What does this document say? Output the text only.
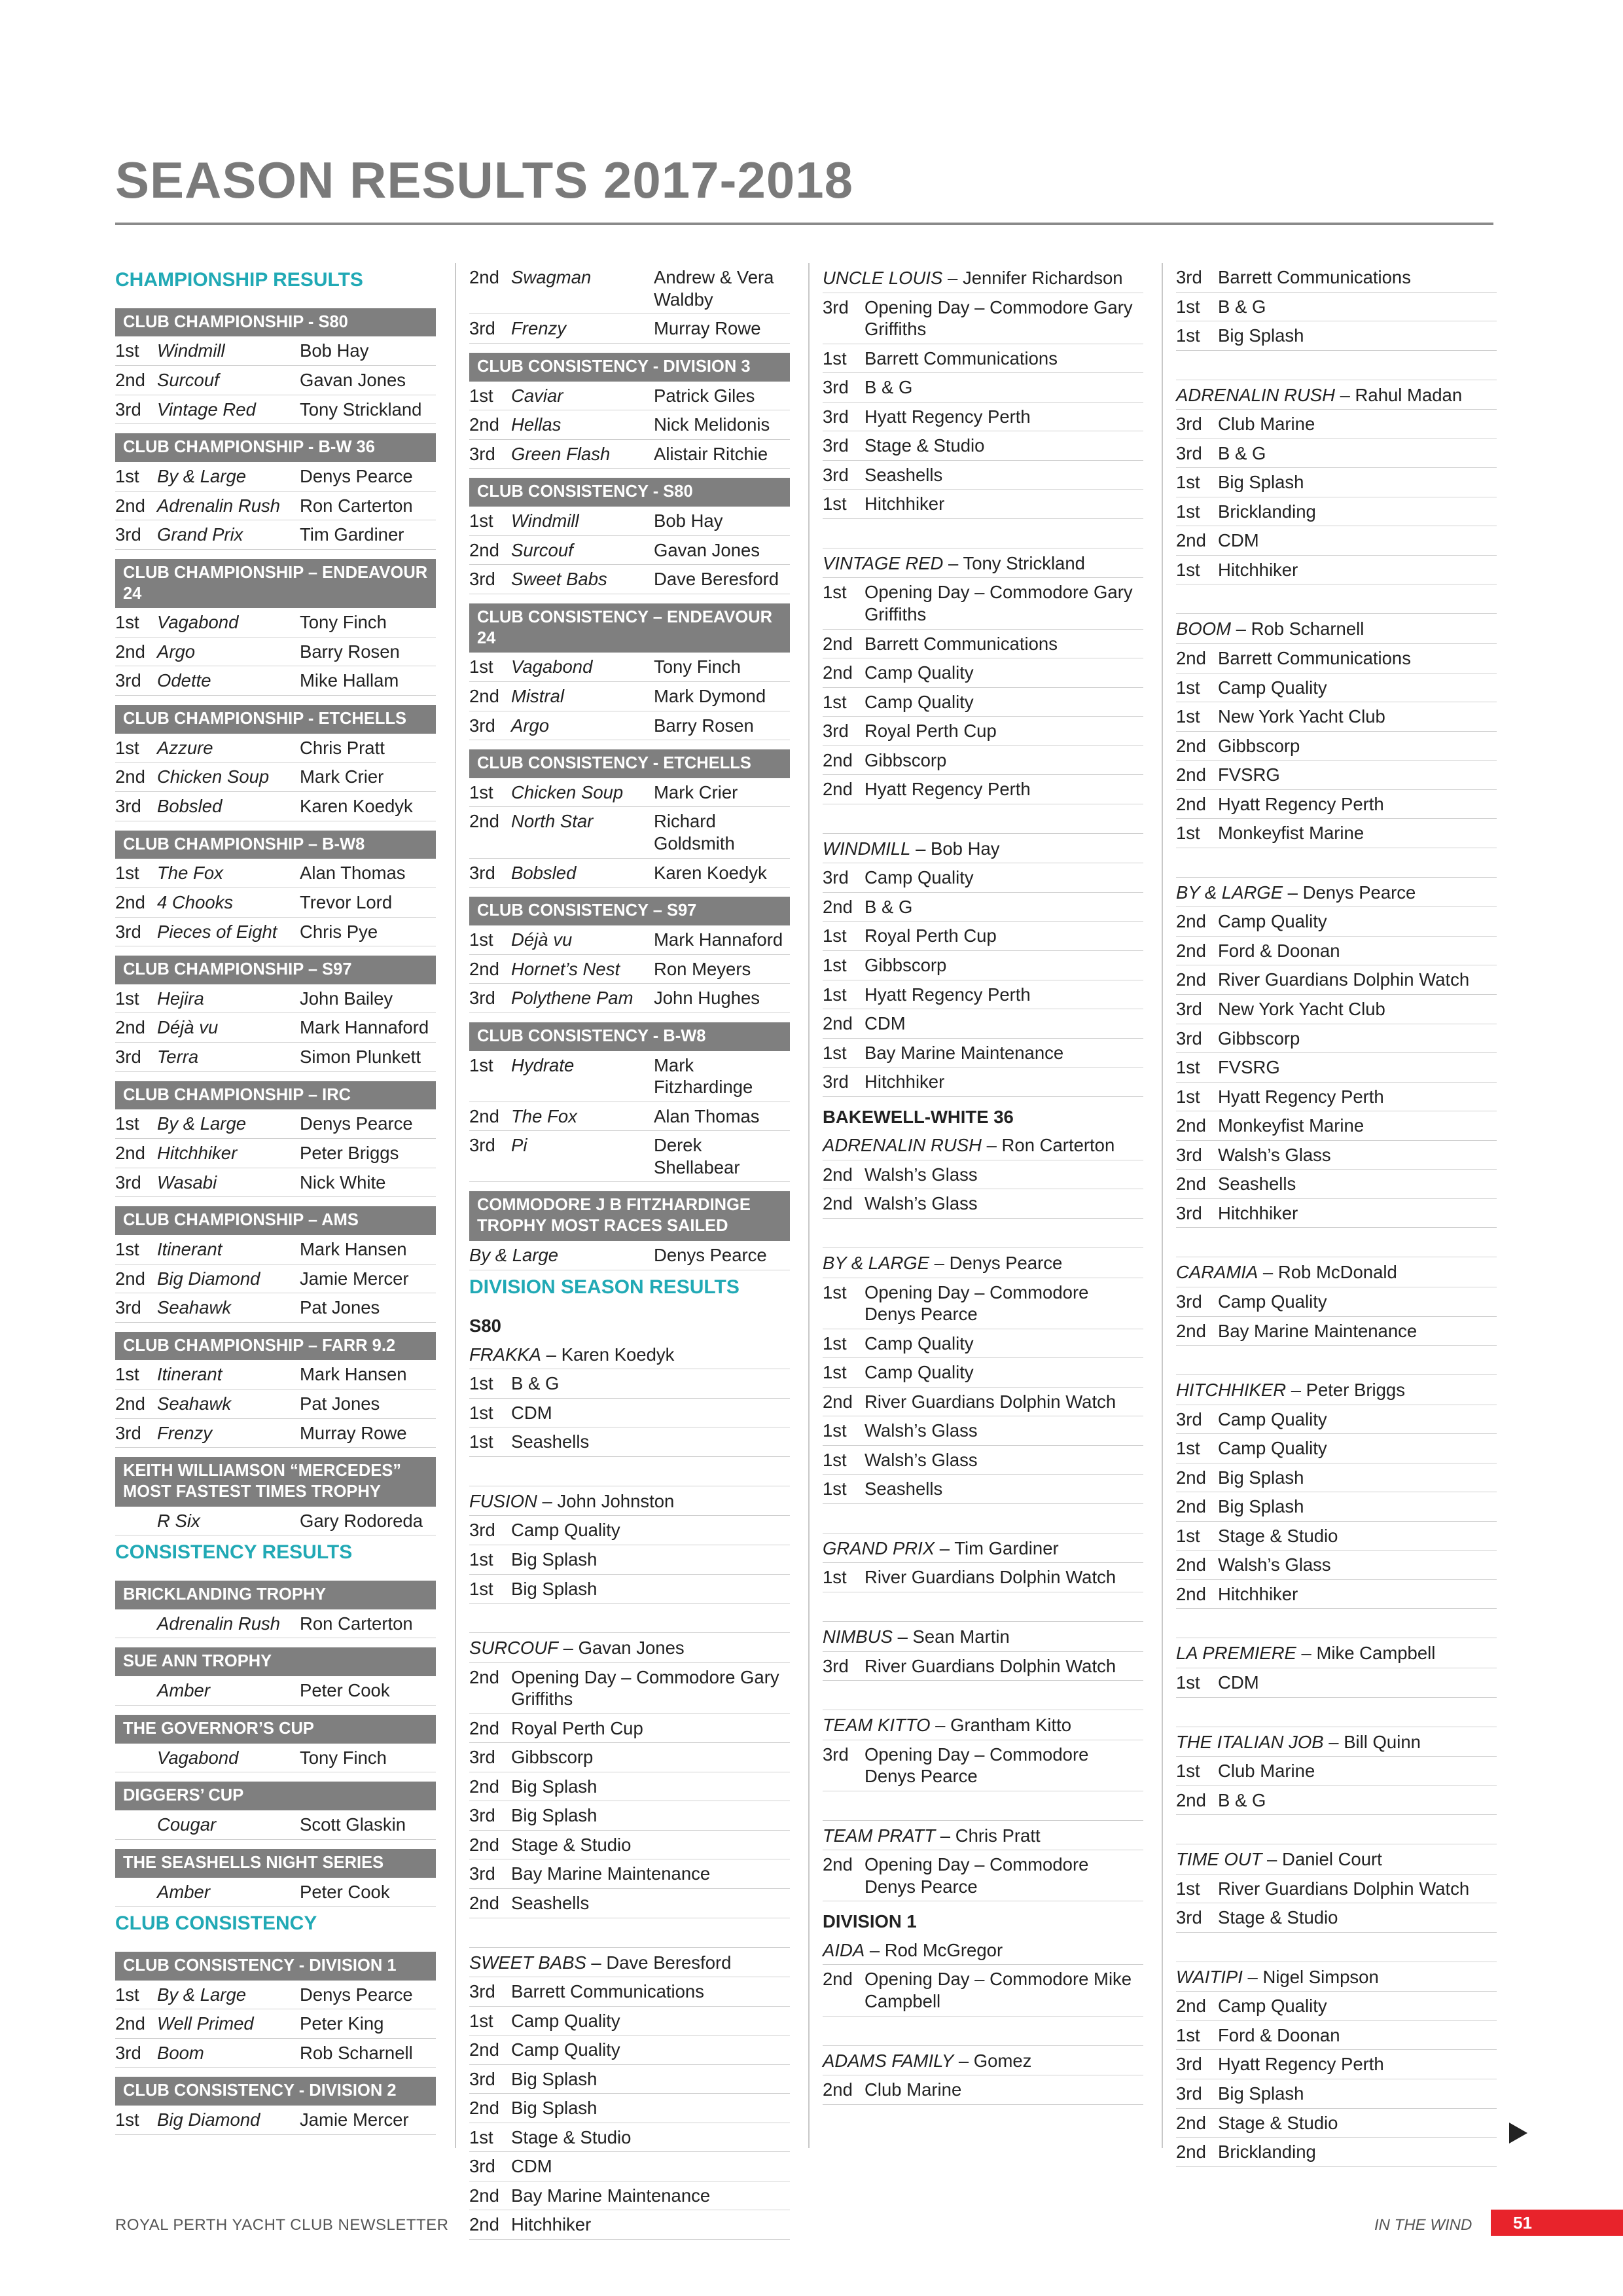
SEASON RESULTS 2017-2018
CHAMPIONSHIP RESULTS
CLUB CHAMPIONSHIP - S80
1st Windmill	Bob Hay
2nd Surcouf	Gavan Jones
3rd Vintage Red	Tony Strickland
CLUB CHAMPIONSHIP - B-W 36
1st By & Large	Denys Pearce
2nd Adrenalin Rush	Ron Carterton
3rd Grand Prix	Tim Gardiner
CLUB CHAMPIONSHIP – ENDEAVOUR 24
1st Vagabond	Tony Finch
2nd Argo	Barry Rosen
3rd Odette	Mike Hallam
CLUB CHAMPIONSHIP - ETCHELLS
1st Azzure	Chris Pratt
2nd Chicken Soup	Mark Crier
3rd Bobsled	Karen Koedyk
CLUB CHAMPIONSHIP – B-W8
1st The Fox	Alan Thomas
2nd 4 Chooks	Trevor Lord
3rd Pieces of Eight	Chris Pye
CLUB CHAMPIONSHIP – S97
1st Hejira	John Bailey
2nd Déjà vu	Mark Hannaford
3rd Terra	Simon Plunkett
CLUB CHAMPIONSHIP – IRC
1st By & Large	Denys Pearce
2nd Hitchhiker	Peter Briggs
3rd Wasabi	Nick White
CLUB CHAMPIONSHIP – AMS
1st Itinerant	Mark Hansen
2nd Big Diamond	Jamie Mercer
3rd Seahawk	Pat Jones
CLUB CHAMPIONSHIP – FARR 9.2
1st Itinerant	Mark Hansen
2nd Seahawk	Pat Jones
3rd Frenzy	Murray Rowe
KEITH WILLIAMSON “MERCEDES” MOST FASTEST TIMES TROPHY
R Six	Gary Rodoreda
CONSISTENCY RESULTS
BRICKLANDING TROPHY
Adrenalin Rush	Ron Carterton
SUE ANN TROPHY
Amber	Peter Cook
THE GOVERNOR’S CUP
Vagabond	Tony Finch
DIGGERS’ CUP
Cougar	Scott Glaskin
THE SEASHELLS NIGHT SERIES
Amber	Peter Cook
CLUB CONSISTENCY
CLUB CONSISTENCY - DIVISION 1
1st By & Large	Denys Pearce
2nd Well Primed	Peter King
3rd Boom	Rob Scharnell
CLUB CONSISTENCY - DIVISION 2
1st Big Diamond	Jamie Mercer
2nd Swagman	Andrew & Vera Waldby
3rd Frenzy	Murray Rowe
CLUB CONSISTENCY - DIVISION 3
1st Caviar	Patrick Giles
2nd Hellas	Nick Melidonis
3rd Green Flash	Alistair Ritchie
CLUB CONSISTENCY - S80
1st Windmill	Bob Hay
2nd Surcouf	Gavan Jones
3rd Sweet Babs	Dave Beresford
CLUB CONSISTENCY – ENDEAVOUR 24
1st Vagabond	Tony Finch
2nd Mistral	Mark Dymond
3rd Argo	Barry Rosen
CLUB CONSISTENCY - ETCHELLS
1st Chicken Soup	Mark Crier
2nd North Star	Richard Goldsmith
3rd Bobsled	Karen Koedyk
CLUB CONSISTENCY – S97
1st Déjà vu	Mark Hannaford
2nd Hornet’s Nest	Ron Meyers
3rd Polythene Pam	John Hughes
CLUB CONSISTENCY - B-W8
1st Hydrate	Mark Fitzhardinge
2nd The Fox	Alan Thomas
3rd Pi	Derek Shellabear
COMMODORE J B FITZHARDINGE TROPHY MOST RACES SAILED
By & Large	Denys Pearce
DIVISION SEASON RESULTS
S80
FRAKKA – Karen Koedyk
1st B & G
1st CDM
1st Seashells
FUSION – John Johnston
3rd Camp Quality
1st Big Splash
1st Big Splash
SURCOUF – Gavan Jones
2nd Opening Day – Commodore Gary Griffiths
2nd Royal Perth Cup
3rd Gibbscorp
2nd Big Splash
3rd Big Splash
2nd Stage & Studio
3rd Bay Marine Maintenance
2nd Seashells
SWEET BABS – Dave Beresford
3rd Barrett Communications
1st Camp Quality
2nd Camp Quality
3rd Big Splash
2nd Big Splash
1st Stage & Studio
3rd CDM
2nd Bay Marine Maintenance
2nd Hitchhiker
UNCLE LOUIS – Jennifer Richardson
3rd Opening Day – Commodore Gary Griffiths
1st Barrett Communications
3rd B & G
3rd Hyatt Regency Perth
3rd Stage & Studio
3rd Seashells
1st Hitchhiker
VINTAGE RED – Tony Strickland
1st Opening Day – Commodore Gary Griffiths
2nd Barrett Communications
2nd Camp Quality
1st Camp Quality
3rd Royal Perth Cup
2nd Gibbscorp
2nd Hyatt Regency Perth
WINDMILL – Bob Hay
3rd Camp Quality
2nd B & G
1st Royal Perth Cup
1st Gibbscorp
1st Hyatt Regency Perth
2nd CDM
1st Bay Marine Maintenance
3rd Hitchhiker
BAKEWELL-WHITE 36
ADRENALIN RUSH – Ron Carterton
2nd Walsh’s Glass
2nd Walsh’s Glass
BY & LARGE – Denys Pearce
1st Opening Day – Commodore Denys Pearce
1st Camp Quality
1st Camp Quality
2nd River Guardians Dolphin Watch
1st Walsh’s Glass
1st Walsh’s Glass
1st Seashells
GRAND PRIX – Tim Gardiner
1st River Guardians Dolphin Watch
NIMBUS – Sean Martin
3rd River Guardians Dolphin Watch
TEAM KITTO – Grantham Kitto
3rd Opening Day – Commodore Denys Pearce
TEAM PRATT – Chris Pratt
2nd Opening Day – Commodore Denys Pearce
DIVISION 1
AIDA – Rod McGregor
2nd Opening Day – Commodore Mike Campbell
ADAMS FAMILY – Gomez
2nd Club Marine
3rd Barrett Communications
1st B & G
1st Big Splash
ADRENALIN RUSH – Rahul Madan
3rd Club Marine
3rd B & G
1st Big Splash
1st Bricklanding
2nd CDM
1st Hitchhiker
BOOM – Rob Scharnell
2nd Barrett Communications
1st Camp Quality
1st New York Yacht Club
2nd Gibbscorp
2nd FVSRG
2nd Hyatt Regency Perth
1st Monkeyfist Marine
BY & LARGE – Denys Pearce
2nd Camp Quality
2nd Ford & Doonan
2nd River Guardians Dolphin Watch
3rd New York Yacht Club
3rd Gibbscorp
1st FVSRG
1st Hyatt Regency Perth
2nd Monkeyfist Marine
3rd Walsh’s Glass
2nd Seashells
3rd Hitchhiker
CARAMIA – Rob McDonald
3rd Camp Quality
2nd Bay Marine Maintenance
HITCHHIKER – Peter Briggs
3rd Camp Quality
1st Camp Quality
2nd Big Splash
2nd Big Splash
1st Stage & Studio
2nd Walsh’s Glass
2nd Hitchhiker
LA PREMIERE – Mike Campbell
1st CDM
THE ITALIAN JOB – Bill Quinn
1st Club Marine
2nd B & G
TIME OUT – Daniel Court
1st River Guardians Dolphin Watch
3rd Stage & Studio
WAITIPI – Nigel Simpson
2nd Camp Quality
1st Ford & Doonan
3rd Hyatt Regency Perth
3rd Big Splash
2nd Stage & Studio
2nd Bricklanding
ROYAL PERTH YACHT CLUB NEWSLETTER	IN THE WIND	51
